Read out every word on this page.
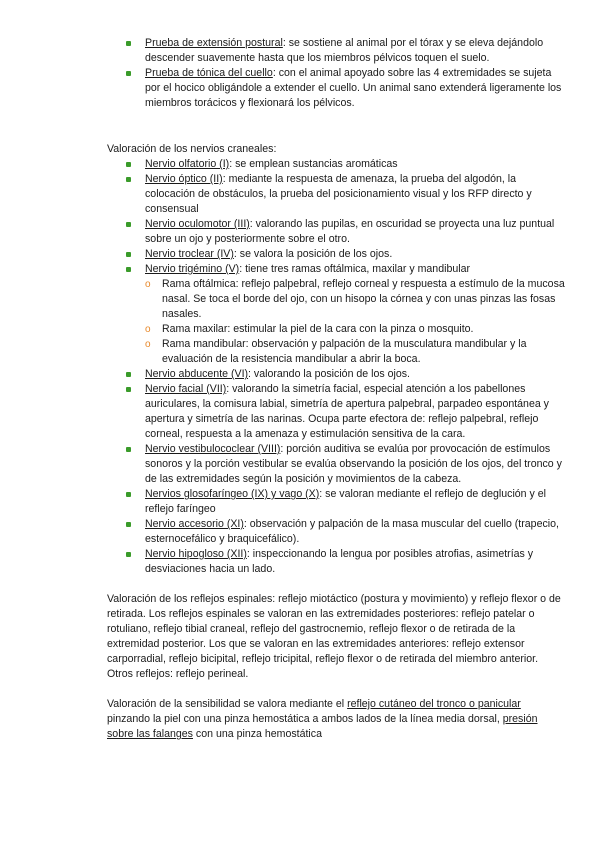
Prueba de extensión postural: se sostiene al animal por el tórax y se eleva dejándolo descender suavemente hasta que los miembros pélvicos toquen el suelo.
Prueba de tónica del cuello: con el animal apoyado sobre las 4 extremidades se sujeta por el hocico obligándole a extender el cuello. Un animal sano extenderá ligeramente los miembros torácicos y flexionará los pélvicos.

Valoración de los nervios craneales:

Nervio olfatorio (I): se emplean sustancias aromáticas
Nervio óptico (II): mediante la respuesta de amenaza, la prueba del algodón, la colocación de obstáculos, la prueba del posicionamiento visual y los RFP directo y consensual
Nervio oculomotor (III): valorando las pupilas, en oscuridad se proyecta una luz puntual sobre un ojo y posteriormente sobre el otro.
Nervio troclear (IV): se valora la posición de los ojos.
Nervio trigémino (V): tiene tres ramas oftálmica, maxilar y mandibular
o Rama oftálmica: reflejo palpebral, reflejo corneal y respuesta a estímulo de la mucosa nasal. Se toca el borde del ojo, con un hisopo la córnea y con unas pinzas las fosas nasales.
o Rama maxilar: estimular la piel de la cara con la pinza o mosquito.
o Rama mandibular: observación y palpación de la musculatura mandibular y la evaluación de la resistencia mandibular a abrir la boca.
Nervio abducente (VI): valorando la posición de los ojos.
Nervio facial (VII): valorando la simetría facial, especial atención a los pabellones auriculares, la comisura labial, simetría de apertura palpebral, parpadeo espontánea y apertura y simetría de las narinas. Ocupa parte efectora de: reflejo palpebral, reflejo corneal, respuesta a la amenaza y estimulación sensitiva de la cara.
Nervio vestibulococlear (VIII): porción auditiva se evalúa por provocación de estímulos sonoros y la porción vestibular se evalúa observando la posición de los ojos, del tronco y de las extremidades según la posición y movimientos de la cabeza.
Nervios glosofaríngeo (IX) y vago (X): se valoran mediante el reflejo de deglución y el reflejo faríngeo
Nervio accesorio (XI): observación y palpación de la masa muscular del cuello (trapecio, esternocefálico y braquicefálico).
Nervio hipogloso (XII): inspeccionando la lengua por posibles atrofias, asimetrías y desviaciones hacia un lado.

Valoración de los reflejos espinales: reflejo miotáctico (postura y movimiento) y reflejo flexor o de retirada. Los reflejos espinales se valoran en las extremidades posteriores: reflejo patelar o rotuliano, reflejo tibial craneal, reflejo del gastrocnemio, reflejo flexor o de retirada de la extremidad posterior. Los que se valoran en las extremidades anteriores: reflejo extensor carporradial, reflejo bicipital, reflejo tricipital, reflejo flexor o de retirada del miembro anterior. Otros reflejos: reflejo perineal.

Valoración de la sensibilidad se valora mediante el reflejo cutáneo del tronco o panicular pinzando la piel con una pinza hemostática a ambos lados de la línea media dorsal, presión sobre las falanges con una pinza hemostática
